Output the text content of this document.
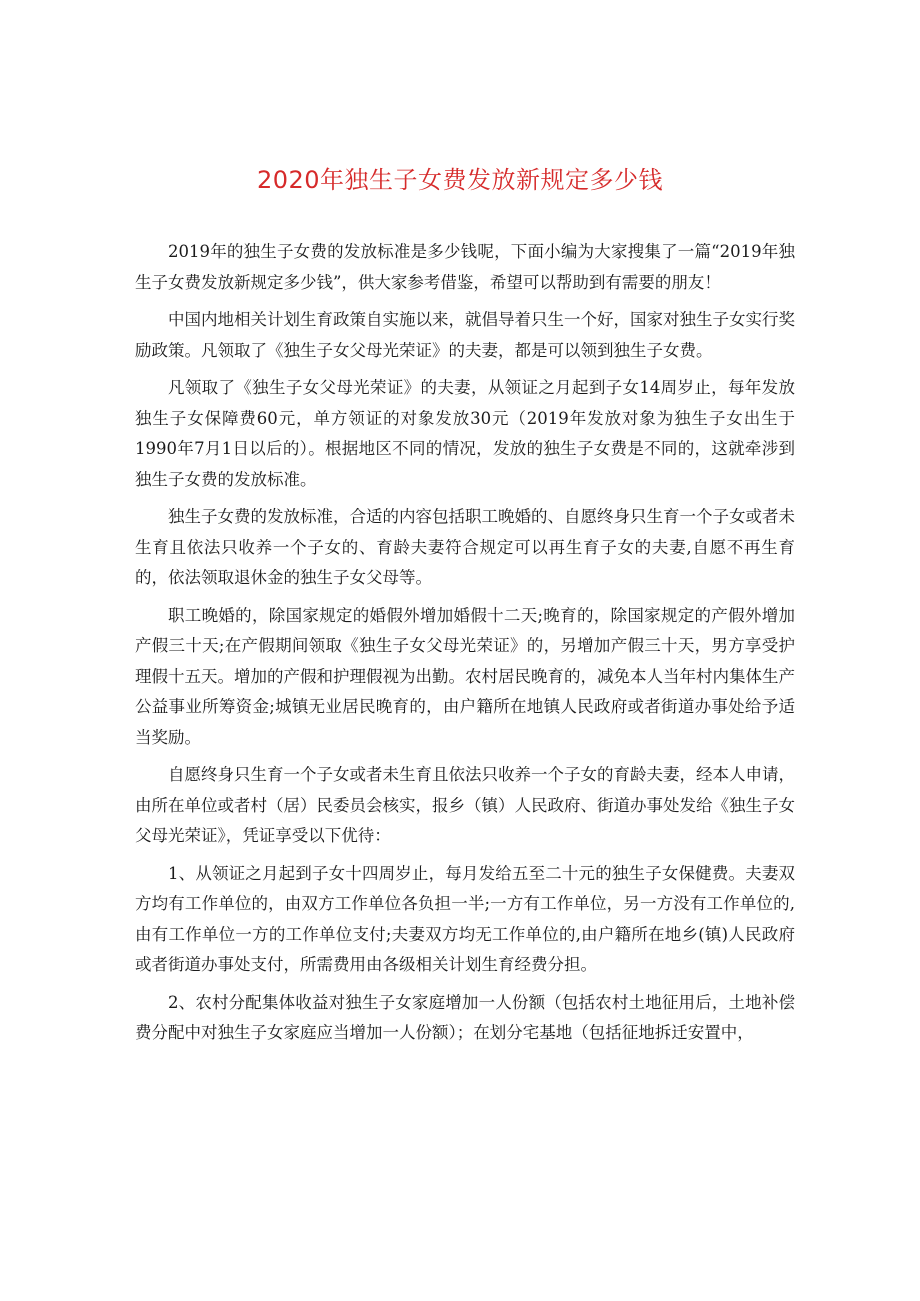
2020年独生子女费发放新规定多少钱

2019年的独生子女费的发放标准是多少钱呢，下面小编为大家搜集了一篇“2019年独生子女费发放新规定多少钱”，供大家参考借鉴，希望可以帮助到有需要的朋友！

中国内地相关计划生育政策自实施以来，就倡导着只生一个好，国家对独生子女实行奖励政策。凡领取了《独生子女父母光荣证》的夫妻，都是可以领到独生子女费。

凡领取了《独生子女父母光荣证》的夫妻，从领证之月起到子女14周岁止，每年发放独生子女保障费60元，单方领证的对象发放30元（2019年发放对象为独生子女出生于1990年7月1日以后的）。根据地区不同的情况，发放的独生子女费是不同的，这就牵涉到独生子女费的发放标准。

独生子女费的发放标准，合适的内容包括职工晚婚的、自愿终身只生育一个子女或者未生育且依法只收养一个子女的、育龄夫妻符合规定可以再生育子女的夫妻,自愿不再生育的，依法领取退休金的独生子女父母等。

职工晚婚的，除国家规定的婚假外增加婚假十二天;晚育的，除国家规定的产假外增加产假三十天;在产假期间领取《独生子女父母光荣证》的，另增加产假三十天，男方享受护理假十五天。增加的产假和护理假视为出勤。农村居民晚育的，减免本人当年村内集体生产公益事业所筹资金;城镇无业居民晚育的，由户籍所在地镇人民政府或者街道办事处给予适当奖励。

自愿终身只生育一个子女或者未生育且依法只收养一个子女的育龄夫妻，经本人申请，由所在单位或者村（居）民委员会核实，报乡（镇）人民政府、街道办事处发给《独生子女父母光荣证》，凭证享受以下优待：

1、从领证之月起到子女十四周岁止，每月发给五至二十元的独生子女保健费。夫妻双方均有工作单位的，由双方工作单位各负担一半;一方有工作单位，另一方没有工作单位的,由有工作单位一方的工作单位支付;夫妻双方均无工作单位的,由户籍所在地乡(镇)人民政府或者街道办事处支付，所需费用由各级相关计划生育经费分担。

2、农村分配集体收益对独生子女家庭增加一人份额（包括农村土地征用后，土地补偿费分配中对独生子女家庭应当增加一人份额）；在划分宅基地（包括征地拆迁安置中，
